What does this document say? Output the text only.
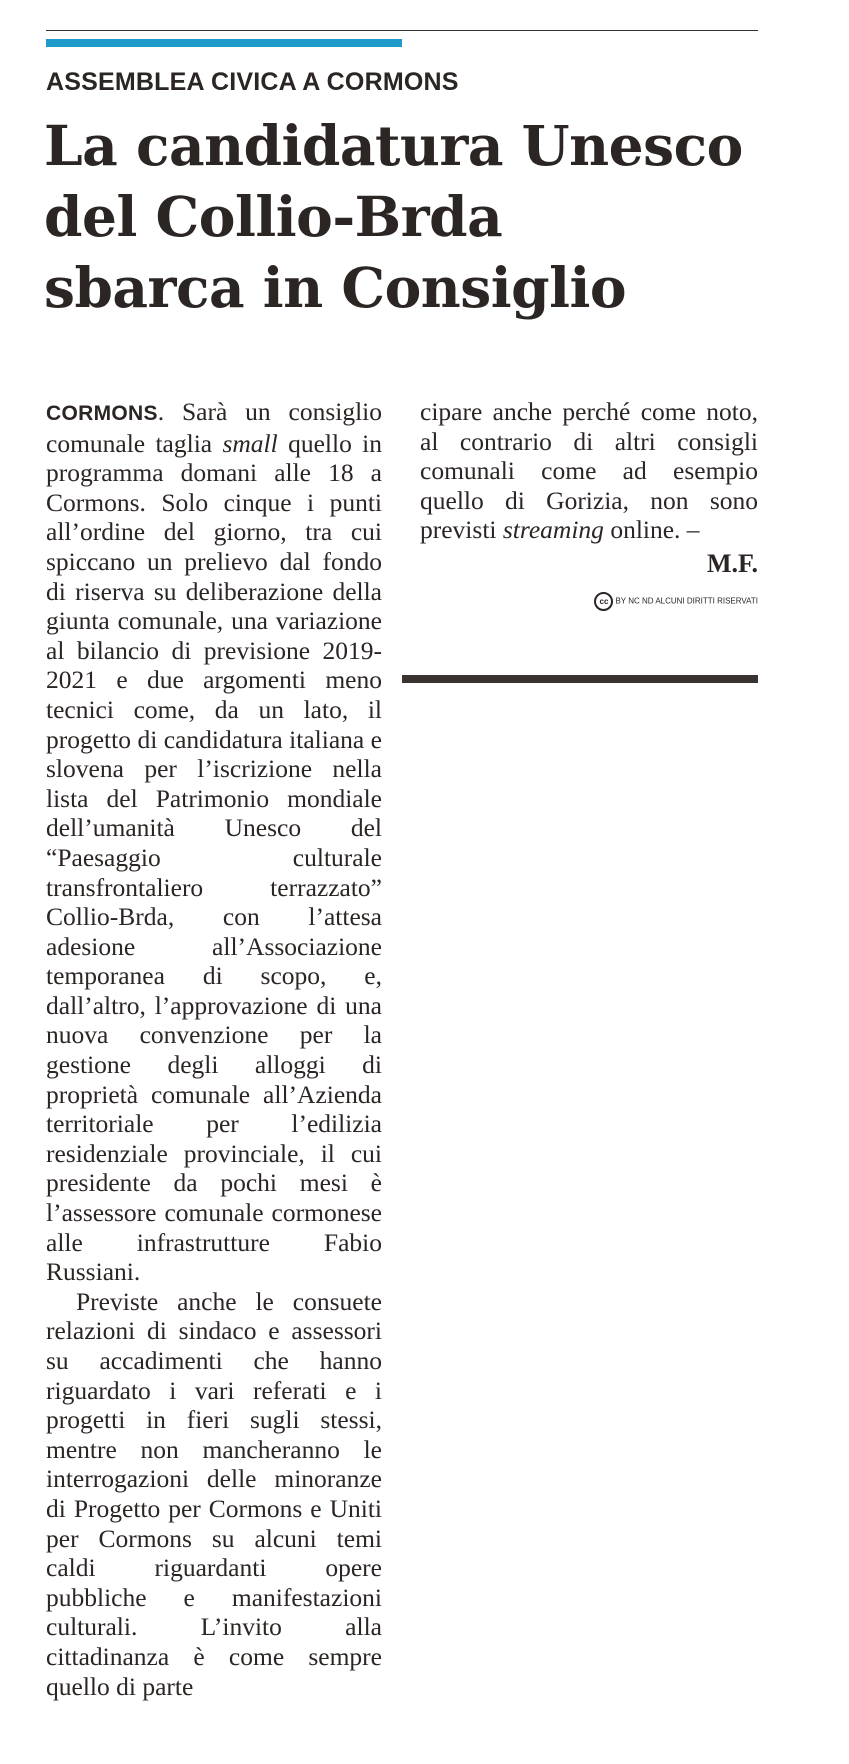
ASSEMBLEA CIVICA A CORMONS
La candidatura Unesco
del Collio-Brda
sbarca in Consiglio

CORMONS. Sarà un consiglio comunale taglia small quello in programma domani alle 18 a Cormons. Solo cinque i punti all’ordine del giorno, tra cui spiccano un prelievo dal fondo di riserva su deliberazione della giunta comunale, una variazione al bilancio di previsione 2019-2021 e due argomenti meno tecnici come, da un lato, il progetto di candidatura italiana e slovena per l’iscrizione nella lista del Patrimonio mondiale dell’umanità Unesco del “Paesaggio culturale transfrontaliero terrazzato” Collio-Brda, con l’attesa adesione all’Associazione temporanea di scopo, e, dall’altro, l’approvazione di una nuova convenzione per la gestione degli alloggi di proprietà comunale all’Azienda territoriale per l’edilizia residenziale provinciale, il cui presidente da pochi mesi è l’assessore comunale cormonese alle infrastrutture Fabio Russiani.

Previste anche le consuete relazioni di sindaco e assessori su accadimenti che hanno riguardato i vari referati e i progetti in fieri sugli stessi, mentre non mancheranno le interrogazioni delle minoranze di Progetto per Cormons e Uniti per Cormons su alcuni temi caldi riguardanti opere pubbliche e manifestazioni culturali. L’invito alla cittadinanza è come sempre quello di parte

cipare anche perché come noto, al contrario di altri consigli comunali come ad esempio quello di Gorizia, non sono previsti streaming online. –

M.F.
cc BY NC ND ALCUNI DIRITTI RISERVATI
